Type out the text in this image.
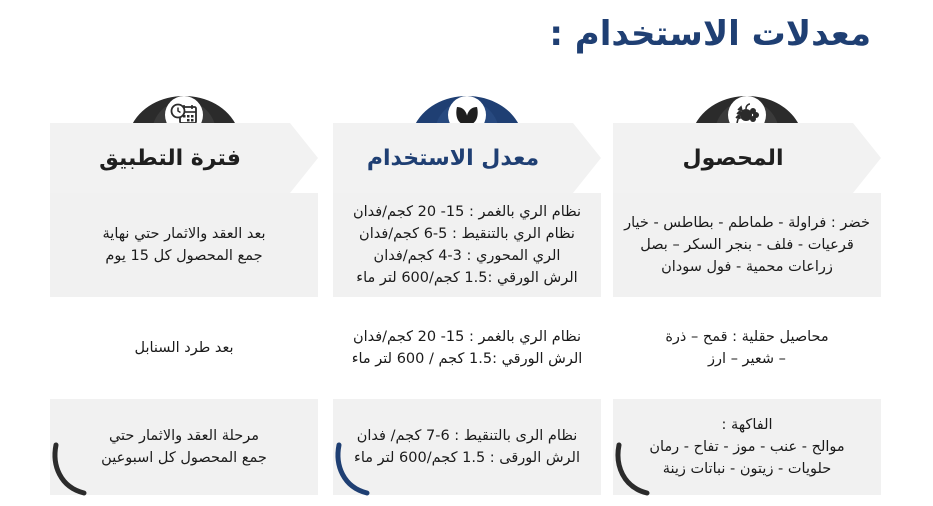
معدلات الاستخدام :
المحصول
خضر : فراولة - طماطم - بطاطس - خيار
قرعيات - فلف - بنجر السكر – بصل
زراعات محمية - فول سودان
محاصيل حقلية : قمح – ذرة
– شعير – ارز
الفاكهة :
موالح - عنب - موز - تفاح - رمان
حلويات - زيتون - نباتات زينة
معدل الاستخدام
نظام الري بالغمر : 15- 20 كجم/فدان
نظام الري بالتنقيط : 5-6 كجم/فدان
الري المحوري : 3-4 كجم/فدان
الرش الورقي :1.5 كجم/600 لتر ماء
نظام الري بالغمر : 15- 20 كجم/فدان
الرش الورقي :1.5 كجم / 600 لتر ماء
نظام الرى بالتنقيط : 6-7 كجم/ فدان
الرش الورقى : 1.5 كجم/600 لتر ماء
فترة التطبيق
بعد العقد والاثمار حتي نهاية
جمع المحصول كل 15 يوم
بعد طرد السنابل
مرحلة العقد والاثمار حتي
جمع المحصول كل اسبوعين
